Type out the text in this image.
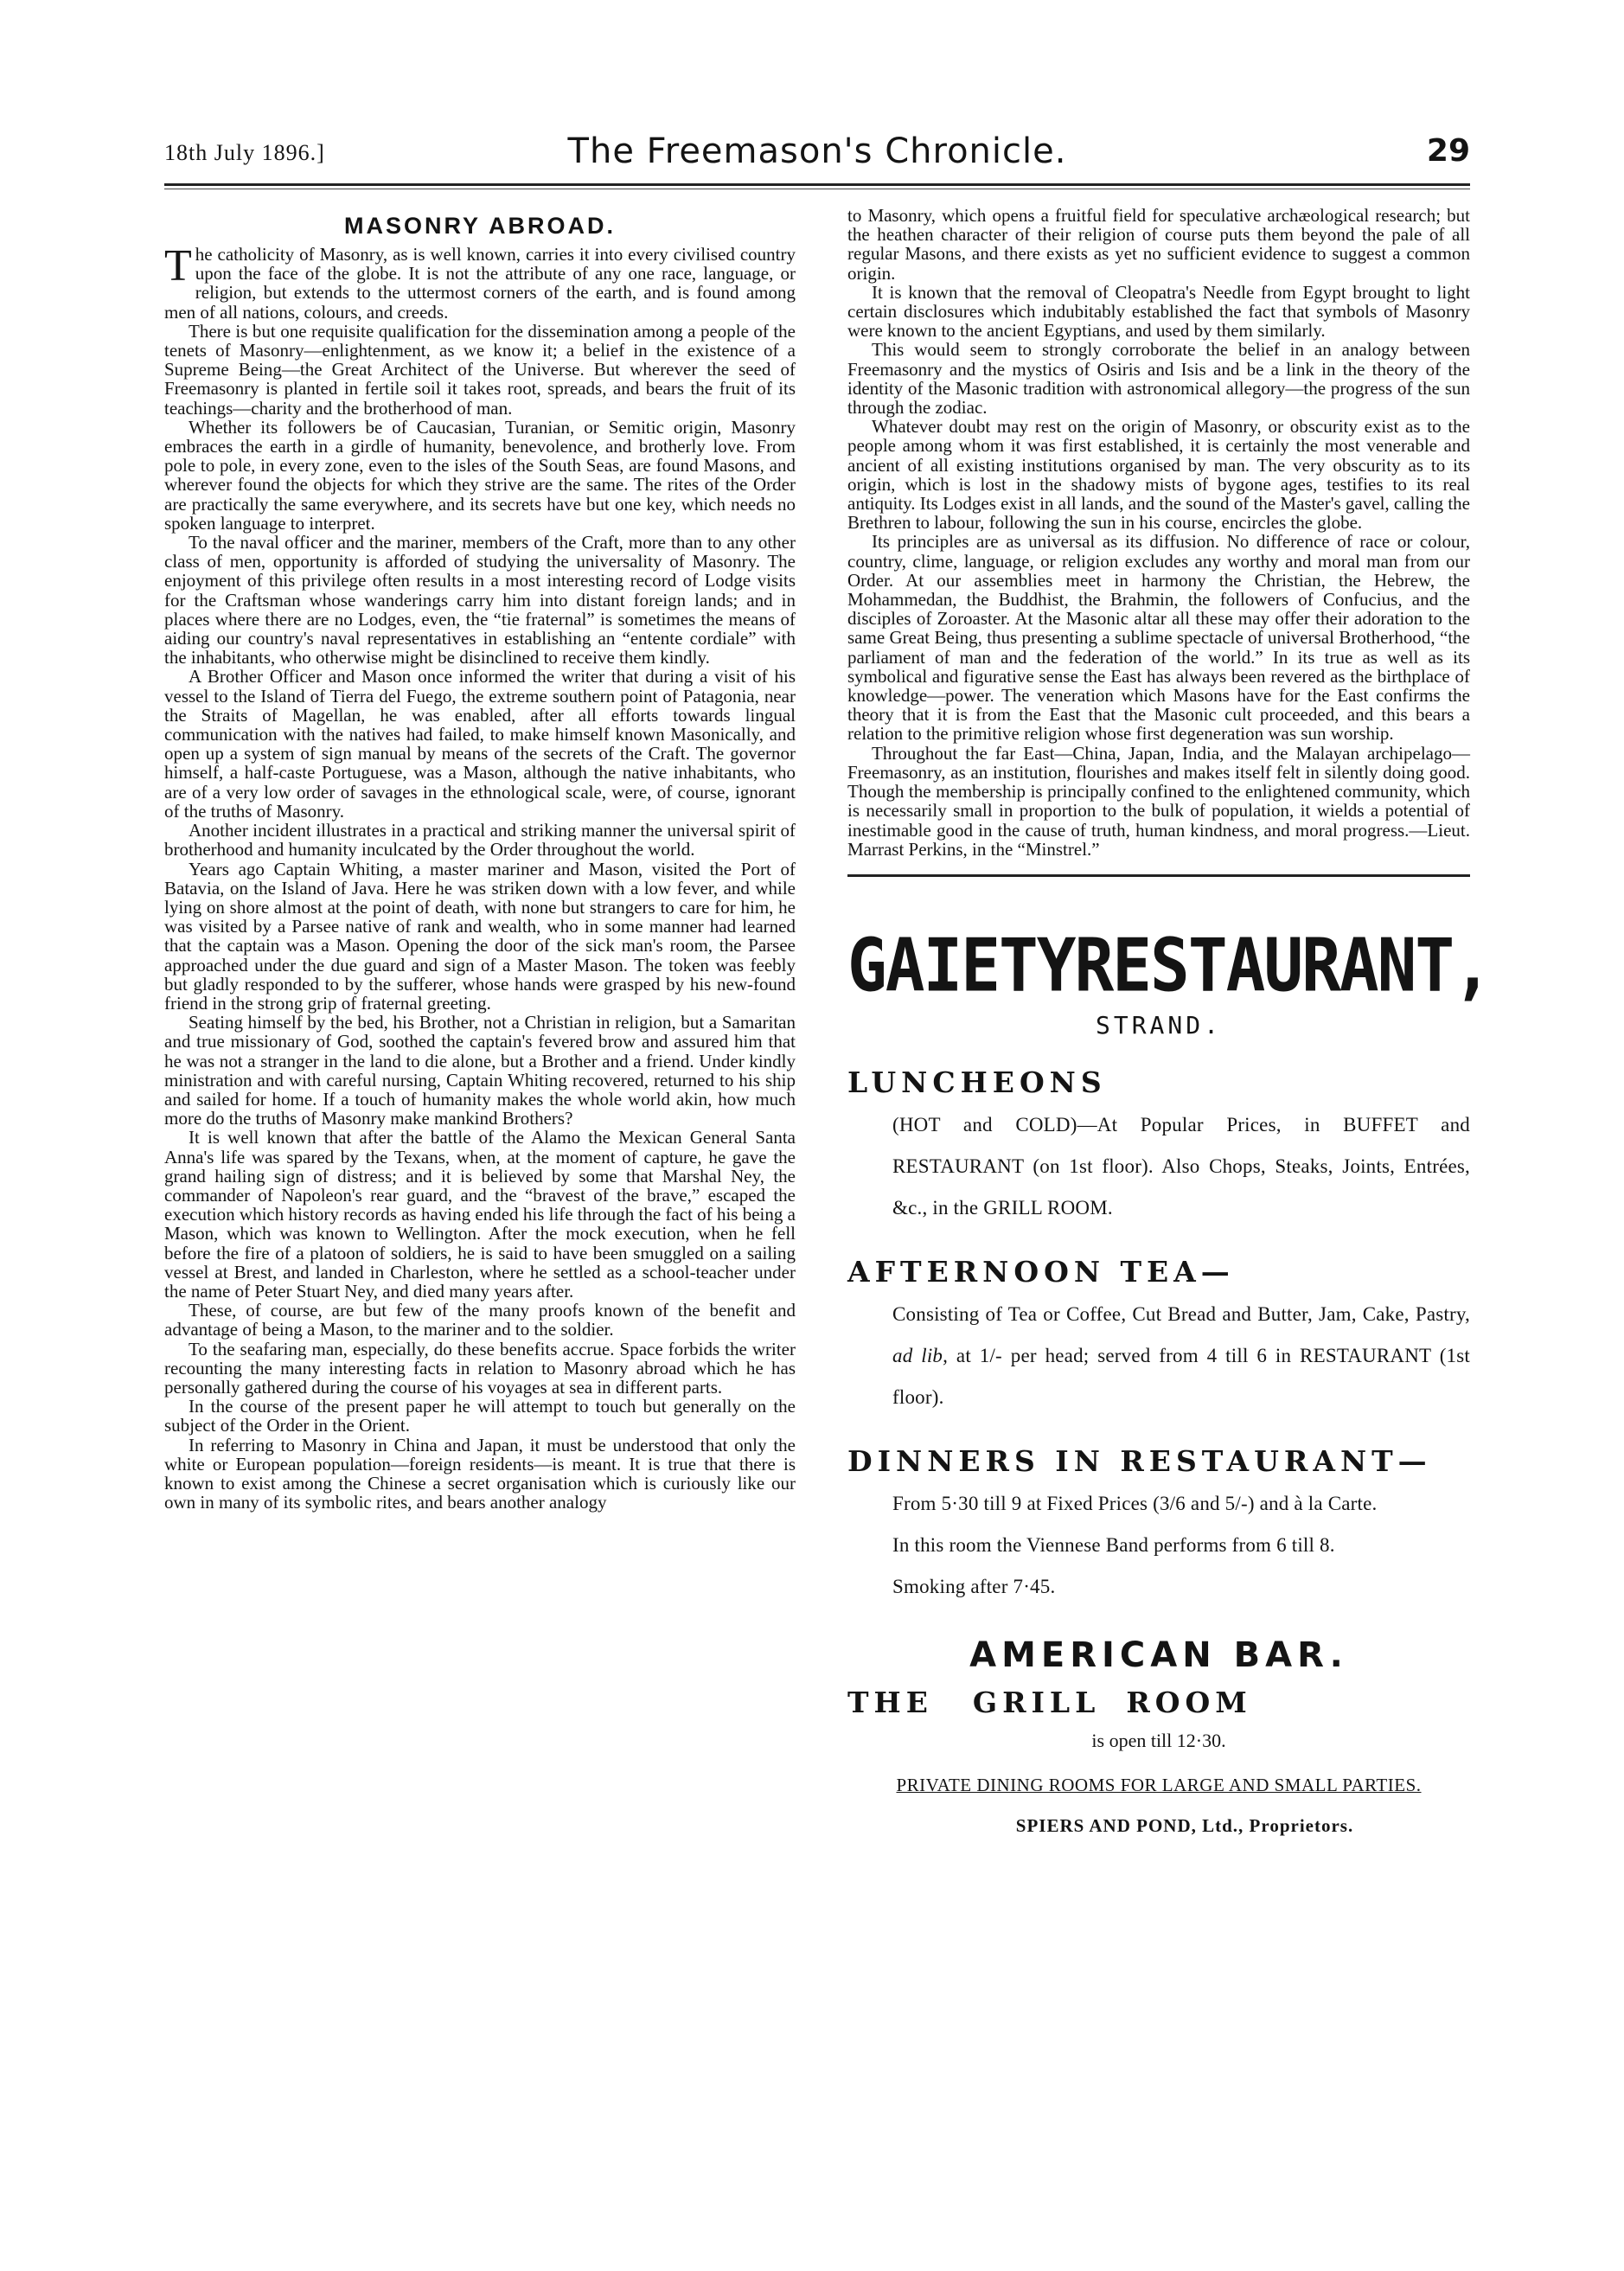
18th July 1896.]	The Freemason's Chronicle.	29
MASONRY ABROAD.

The catholicity of Masonry, as is well known, carries it into every civilised country upon the face of the globe. It is not the attribute of any one race, language, or religion, but extends to the uttermost corners of the earth, and is found among men of all nations, colours, and creeds.

There is but one requisite qualification for the dissemination among a people of the tenets of Masonry—enlightenment, as we know it; a belief in the existence of a Supreme Being—the Great Architect of the Universe. But wherever the seed of Freemasonry is planted in fertile soil it takes root, spreads, and bears the fruit of its teachings—charity and the brotherhood of man.

Whether its followers be of Caucasian, Turanian, or Semitic origin, Masonry embraces the earth in a girdle of humanity, benevolence, and brotherly love. From pole to pole, in every zone, even to the isles of the South Seas, are found Masons, and wherever found the objects for which they strive are the same. The rites of the Order are practically the same everywhere, and its secrets have but one key, which needs no spoken language to interpret.

To the naval officer and the mariner, members of the Craft, more than to any other class of men, opportunity is afforded of studying the universality of Masonry. The enjoyment of this privilege often results in a most interesting record of Lodge visits for the Craftsman whose wanderings carry him into distant foreign lands; and in places where there are no Lodges, even, the “tie fraternal” is sometimes the means of aiding our country's naval representatives in establishing an “entente cordiale” with the inhabitants, who otherwise might be disinclined to receive them kindly.

A Brother Officer and Mason once informed the writer that during a visit of his vessel to the Island of Tierra del Fuego, the extreme southern point of Patagonia, near the Straits of Magellan, he was enabled, after all efforts towards lingual communication with the natives had failed, to make himself known Masonically, and open up a system of sign manual by means of the secrets of the Craft. The governor himself, a half-caste Portuguese, was a Mason, although the native inhabitants, who are of a very low order of savages in the ethnological scale, were, of course, ignorant of the truths of Masonry.

Another incident illustrates in a practical and striking manner the universal spirit of brotherhood and humanity inculcated by the Order throughout the world.

Years ago Captain Whiting, a master mariner and Mason, visited the Port of Batavia, on the Island of Java. Here he was striken down with a low fever, and while lying on shore almost at the point of death, with none but strangers to care for him, he was visited by a Parsee native of rank and wealth, who in some manner had learned that the captain was a Mason. Opening the door of the sick man's room, the Parsee approached under the due guard and sign of a Master Mason. The token was feebly but gladly responded to by the sufferer, whose hands were grasped by his new-found friend in the strong grip of fraternal greeting.

Seating himself by the bed, his Brother, not a Christian in religion, but a Samaritan and true missionary of God, soothed the captain's fevered brow and assured him that he was not a stranger in the land to die alone, but a Brother and a friend. Under kindly ministration and with careful nursing, Captain Whiting recovered, returned to his ship and sailed for home. If a touch of humanity makes the whole world akin, how much more do the truths of Masonry make mankind Brothers?

It is well known that after the battle of the Alamo the Mexican General Santa Anna's life was spared by the Texans, when, at the moment of capture, he gave the grand hailing sign of distress; and it is believed by some that Marshal Ney, the commander of Napoleon's rear guard, and the “bravest of the brave,” escaped the execution which history records as having ended his life through the fact of his being a Mason, which was known to Wellington. After the mock execution, when he fell before the fire of a platoon of soldiers, he is said to have been smuggled on a sailing vessel at Brest, and landed in Charleston, where he settled as a school-teacher under the name of Peter Stuart Ney, and died many years after.

These, of course, are but few of the many proofs known of the benefit and advantage of being a Mason, to the mariner and to the soldier.

To the seafaring man, especially, do these benefits accrue. Space forbids the writer recounting the many interesting facts in relation to Masonry abroad which he has personally gathered during the course of his voyages at sea in different parts.

In the course of the present paper he will attempt to touch but generally on the subject of the Order in the Orient.

In referring to Masonry in China and Japan, it must be understood that only the white or European population—foreign residents—is meant. It is true that there is known to exist among the Chinese a secret organisation which is curiously like our own in many of its symbolic rites, and bears another analogy

to Masonry, which opens a fruitful field for speculative archæological research; but the heathen character of their religion of course puts them beyond the pale of all regular Masons, and there exists as yet no sufficient evidence to suggest a common origin.

It is known that the removal of Cleopatra's Needle from Egypt brought to light certain disclosures which indubitably established the fact that symbols of Masonry were known to the ancient Egyptians, and used by them similarly.

This would seem to strongly corroborate the belief in an analogy between Freemasonry and the mystics of Osiris and Isis and be a link in the theory of the identity of the Masonic tradition with astronomical allegory—the progress of the sun through the zodiac.

Whatever doubt may rest on the origin of Masonry, or obscurity exist as to the people among whom it was first established, it is certainly the most venerable and ancient of all existing institutions organised by man. The very obscurity as to its origin, which is lost in the shadowy mists of bygone ages, testifies to its real antiquity. Its Lodges exist in all lands, and the sound of the Master's gavel, calling the Brethren to labour, following the sun in his course, encircles the globe.

Its principles are as universal as its diffusion. No difference of race or colour, country, clime, language, or religion excludes any worthy and moral man from our Order. At our assemblies meet in harmony the Christian, the Hebrew, the Mohammedan, the Buddhist, the Brahmin, the followers of Confucius, and the disciples of Zoroaster. At the Masonic altar all these may offer their adoration to the same Great Being, thus presenting a sublime spectacle of universal Brotherhood, “the parliament of man and the federation of the world.” In its true as well as its symbolical and figurative sense the East has always been revered as the birthplace of knowledge—power. The veneration which Masons have for the East confirms the theory that it is from the East that the Masonic cult proceeded, and this bears a relation to the primitive religion whose first degeneration was sun worship.

Throughout the far East—China, Japan, India, and the Malayan archipelago—Freemasonry, as an institution, flourishes and makes itself felt in silently doing good. Though the membership is principally confined to the enlightened community, which is necessarily small in proportion to the bulk of population, it wields a potential of inestimable good in the cause of truth, human kindness, and moral progress.—Lieut. Marrast Perkins, in the “Minstrel.”

GAIETY RESTAURANT,
STRAND.
LUNCHEONS
(HOT and COLD)—At Popular Prices, in BUFFET and RESTAURANT (on 1st floor). Also Chops, Steaks, Joints, Entrées, &c., in the GRILL ROOM.
AFTERNOON TEA—
Consisting of Tea or Coffee, Cut Bread and Butter, Jam, Cake, Pastry, ad lib, at 1/- per head; served from 4 till 6 in RESTAURANT (1st floor).
DINNERS IN RESTAURANT—
From 5·30 till 9 at Fixed Prices (3/6 and 5/-) and à la Carte.
In this room the Viennese Band performs from 6 till 8.
Smoking after 7·45.
AMERICAN BAR.
THE GRILL ROOM
is open till 12·30.
PRIVATE DINING ROOMS FOR LARGE AND SMALL PARTIES.
SPIERS AND POND, Ltd., Proprietors.
